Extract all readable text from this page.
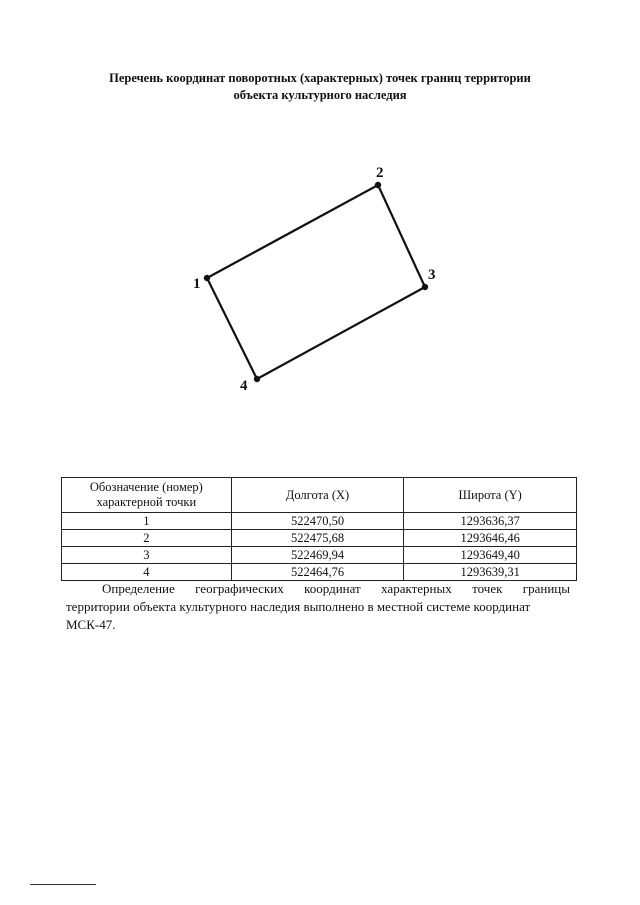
Перечень координат поворотных (характерных) точек границ территории
объекта культурного наследия
1
2
3
4
Обозначение (номер)
характерной точки	Долгота (X)	Широта (Y)
1	522470,50	1293636,37
2	522475,68	1293646,46
3	522469,94	1293649,40
4	522464,76	1293639,31
Определение географических координат характерных точек границы
территории объекта культурного наследия выполнено в местной системе координат
МСК-47.
